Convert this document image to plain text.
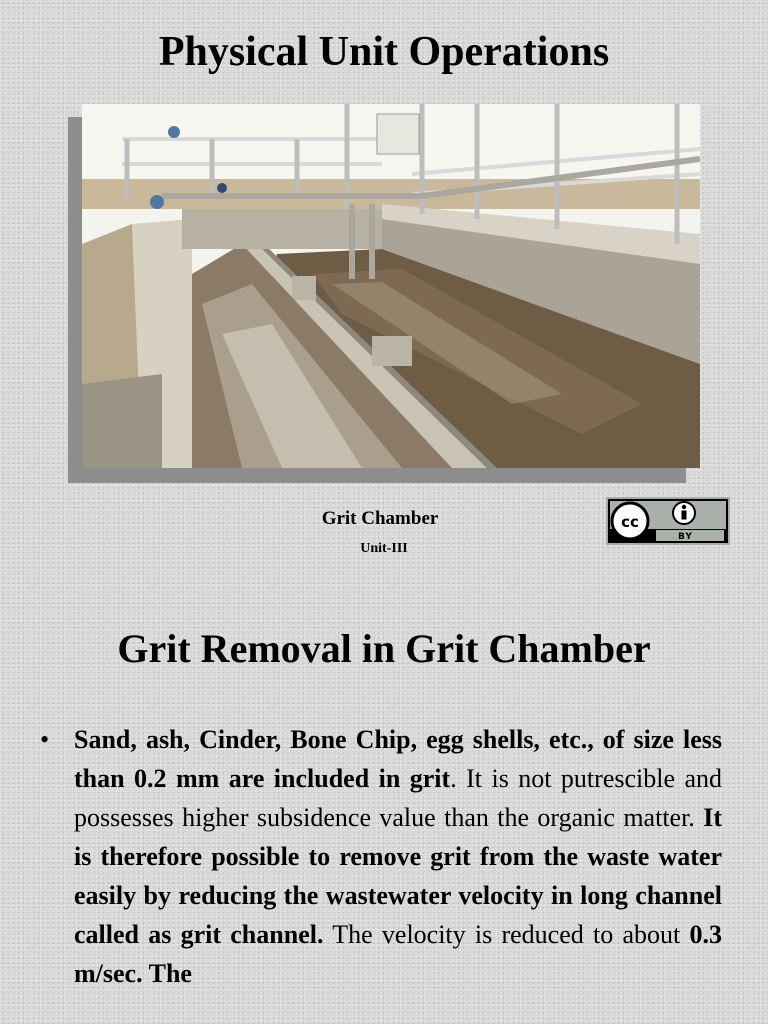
Physical Unit Operations
Grit Chamber
Unit-III
cc
BY
Grit Removal in Grit Chamber
• Sand, ash, Cinder, Bone Chip, egg shells, etc., of size less than 0.2 mm are included in grit. It is not putrescible and possesses higher subsidence value than the organic matter. It is therefore possible to remove grit from the waste water easily by reducing the wastewater velocity in long channel called as grit channel. The velocity is reduced to about 0.3 m/sec. The
